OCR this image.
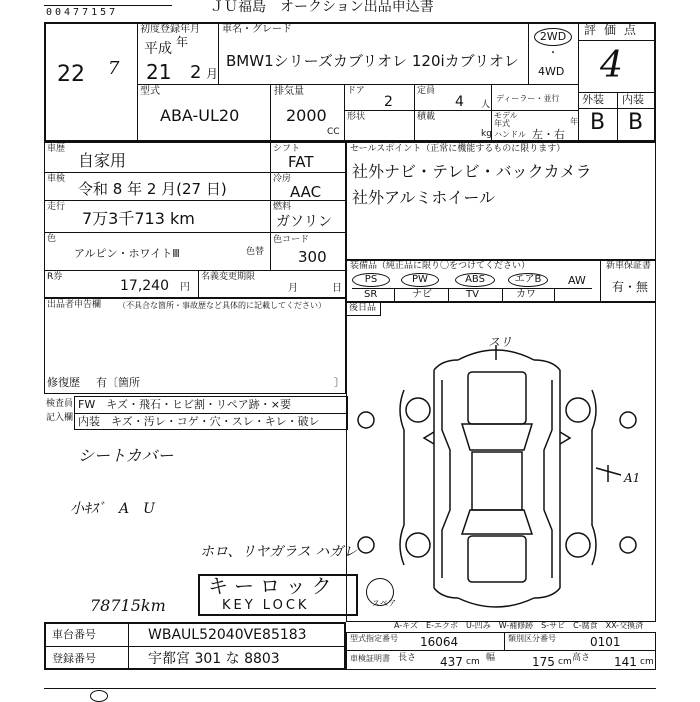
ＪＵ福島　オークション出品申込書
00477157
22 7
初度登録年月
平成
21
年
2 月
車名・グレード
BMW1シリーズカブリオレ 120iカブリオレ
2WD
・
4WD
評価点
4
外装 内装
B B
型式
ABA-UL20
排気量
2000
CC
ドア
2
定員
4 人
ディーラー・並行
形状	積載
kg
モデル年式	年
ハンドル 左・右
車歴
自家用
車検
令和 8 年 2 月(27 日)
走行
7万3千713 km
色
アルピン・ホワイトⅢ	色替
シフト
FAT
冷房
AAC
燃料
ガソリン
色コード
300
R券
17,240 円
名義変更期限
月	日
セールスポイント（正常に機能するものに限ります）
社外ナビ・テレビ・バックカメラ
社外アルミホイール
装備品（純正品に限り〇をつけてください）	新車保証書
有・無
PS	PW	ABS	エアB	AW
SR	ナビ	TV	カワ
出品者申告欄 （不具合な箇所・事故歴など具体的に記載してください）
修復歴 有〔箇所	〕
後日品
検査員
記入欄
FW　キズ・飛石・ヒビ割・リペア跡・×要
内装　キズ・汚レ・コゲ・穴・スレ・キレ・破レ
シートカバー
小ｷｽﾞ　A　U
ホロ、リヤガラス ハガレ
78715km
キーロック
KEY LOCK	スペア
スリ
A1
A-キズ　E-エクボ　U-凹み　W-補修跡　S-サビ　C-腐食　XX-交換済
車台番号	WBAUL52040VE85183
登録番号	宇都宮 301 な 8803
型式指定番号 16064	類別区分番号	0101
車検証明書 長さ 437 cm 幅	175 cm 高さ 141 cm
